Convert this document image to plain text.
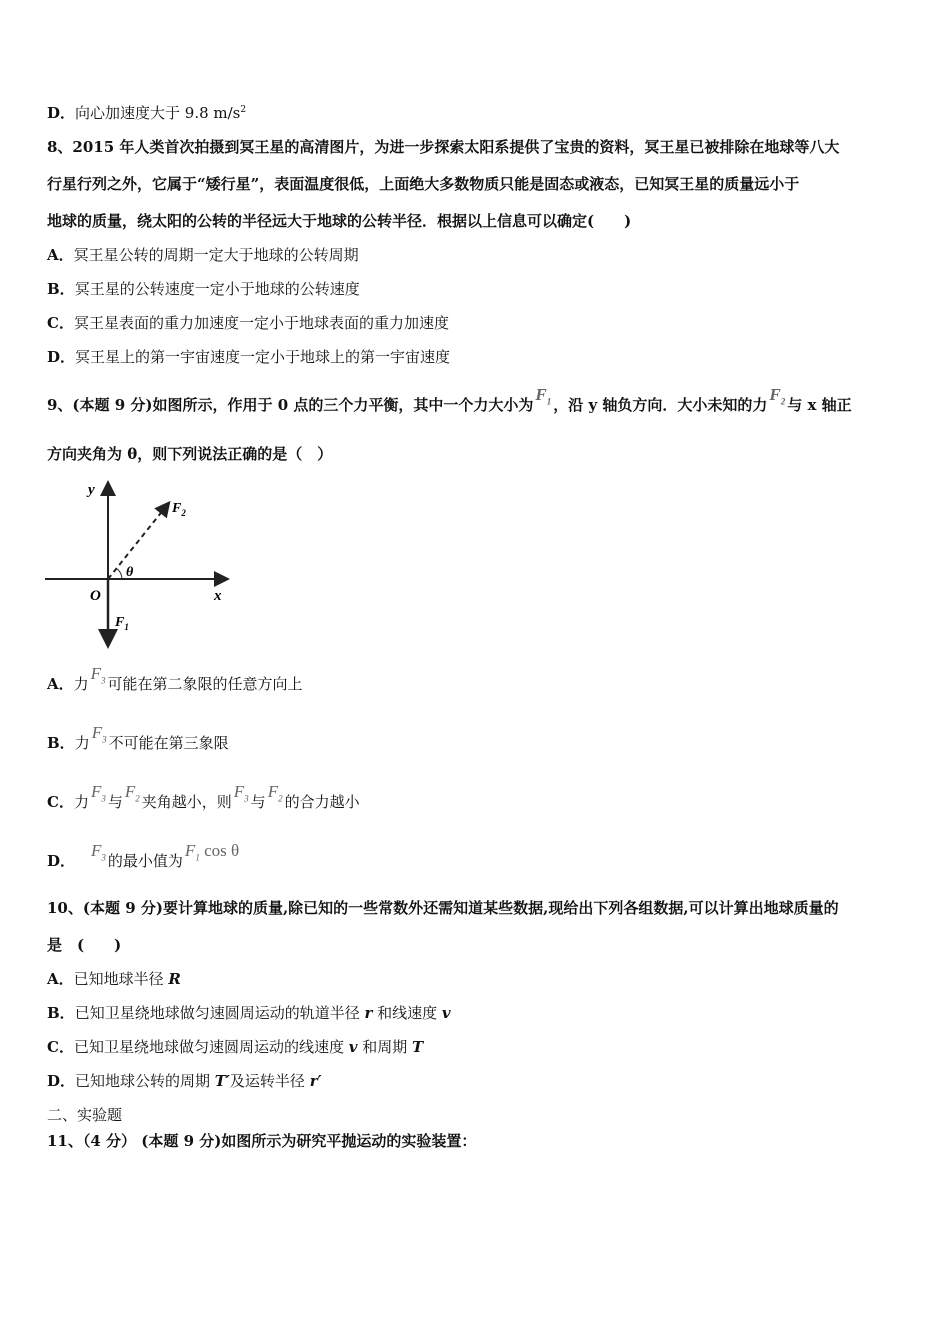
D．向心加速度大于 9.8 $m/s^2$
8、2015 年人类首次拍摄到冥王星的高清图片，为进一步探索太阳系提供了宝贵的资料，冥王星已被排除在地球等八大
行星行列之外，它属于“矮行星”，表面温度很低，上面绝大多数物质只能是固态或液态，已知冥王星的质量远小于
地球的质量，绕太阳的公转的半径远大于地球的公转半径．根据以上信息可以确定(　　)
A．冥王星公转的周期一定大于地球的公转周期
B．冥王星的公转速度一定小于地球的公转速度
C．冥王星表面的重力加速度一定小于地球表面的重力加速度
D．冥王星上的第一宇宙速度一定小于地球上的第一宇宙速度
9、(本题 9 分)如图所示，作用于 0 点的三个力平衡，其中一个力大小为$F_1$ ，沿 y 轴负方向．大小未知的力$F_2$ 与 x 轴正
方向夹角为 θ，则下列说法正确的是（　）
y
x
O
θ
$F_1$
$F_2$
A．力$F_3$ 可能在第二象限的任意方向上
B．力$F_3$ 不可能在第三象限
C．力$F_3$ 与$F_2$ 夹角越小，则$F_3$ 与$F_2$ 的合力越小
D．$F_3$ 的最小值为$F_1$ cos θ
10、(本题 9 分)要计算地球的质量,除已知的一些常数外还需知道某些数据,现给出下列各组数据,可以计算出地球质量的
是　(　　)
A．已知地球半径 R
B．已知卫星绕地球做匀速圆周运动的轨道半径 r 和线速度 v
C．已知卫星绕地球做匀速圆周运动的线速度 v 和周期 T
D．已知地球公转的周期 T′及运转半径 r′
二、实验题
11、（4 分） (本题 9 分)如图所示为研究平抛运动的实验装置：
